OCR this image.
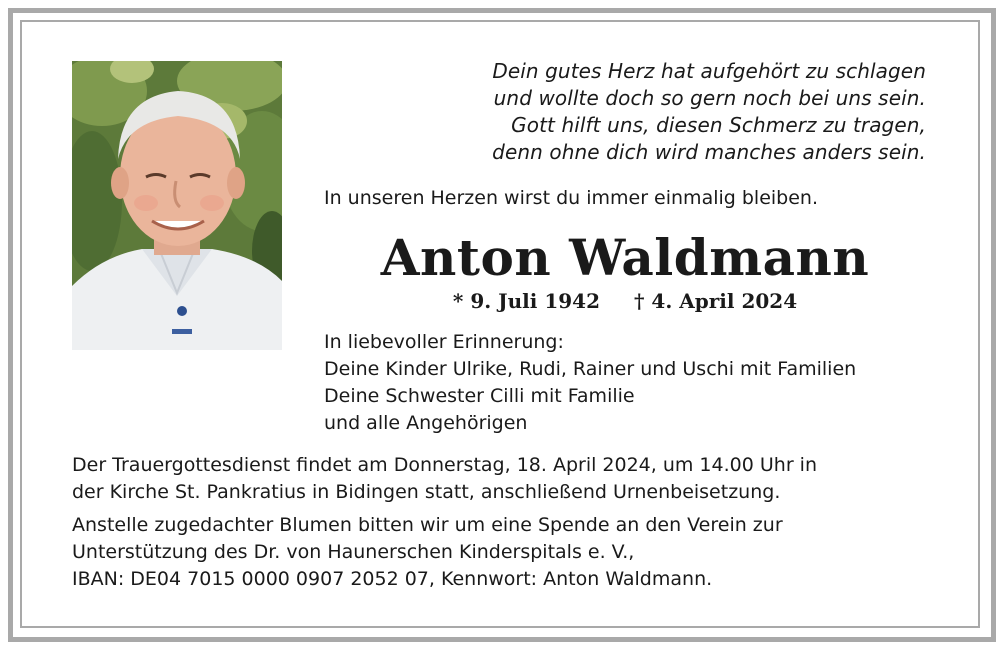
Dein gutes Herz hat aufgehört zu schlagen
und wollte doch so gern noch bei uns sein.
Gott hilft uns, diesen Schmerz zu tragen,
denn ohne dich wird manches anders sein.
In unseren Herzen wirst du immer einmalig bleiben.
Anton Waldmann
* 9. Juli 1942 † 4. April 2024
In liebevoller Erinnerung:
Deine Kinder Ulrike, Rudi, Rainer und Uschi mit Familien
Deine Schwester Cilli mit Familie
und alle Angehörigen
Der Trauergottesdienst findet am Donnerstag, 18. April 2024, um 14.00 Uhr in
der Kirche St. Pankratius in Bidingen statt, anschließend Urnenbeisetzung.
Anstelle zugedachter Blumen bitten wir um eine Spende an den Verein zur
Unterstützung des Dr. von Haunerschen Kinderspitals e. V.,
IBAN: DE04 7015 0000 0907 2052 07, Kennwort: Anton Waldmann.
